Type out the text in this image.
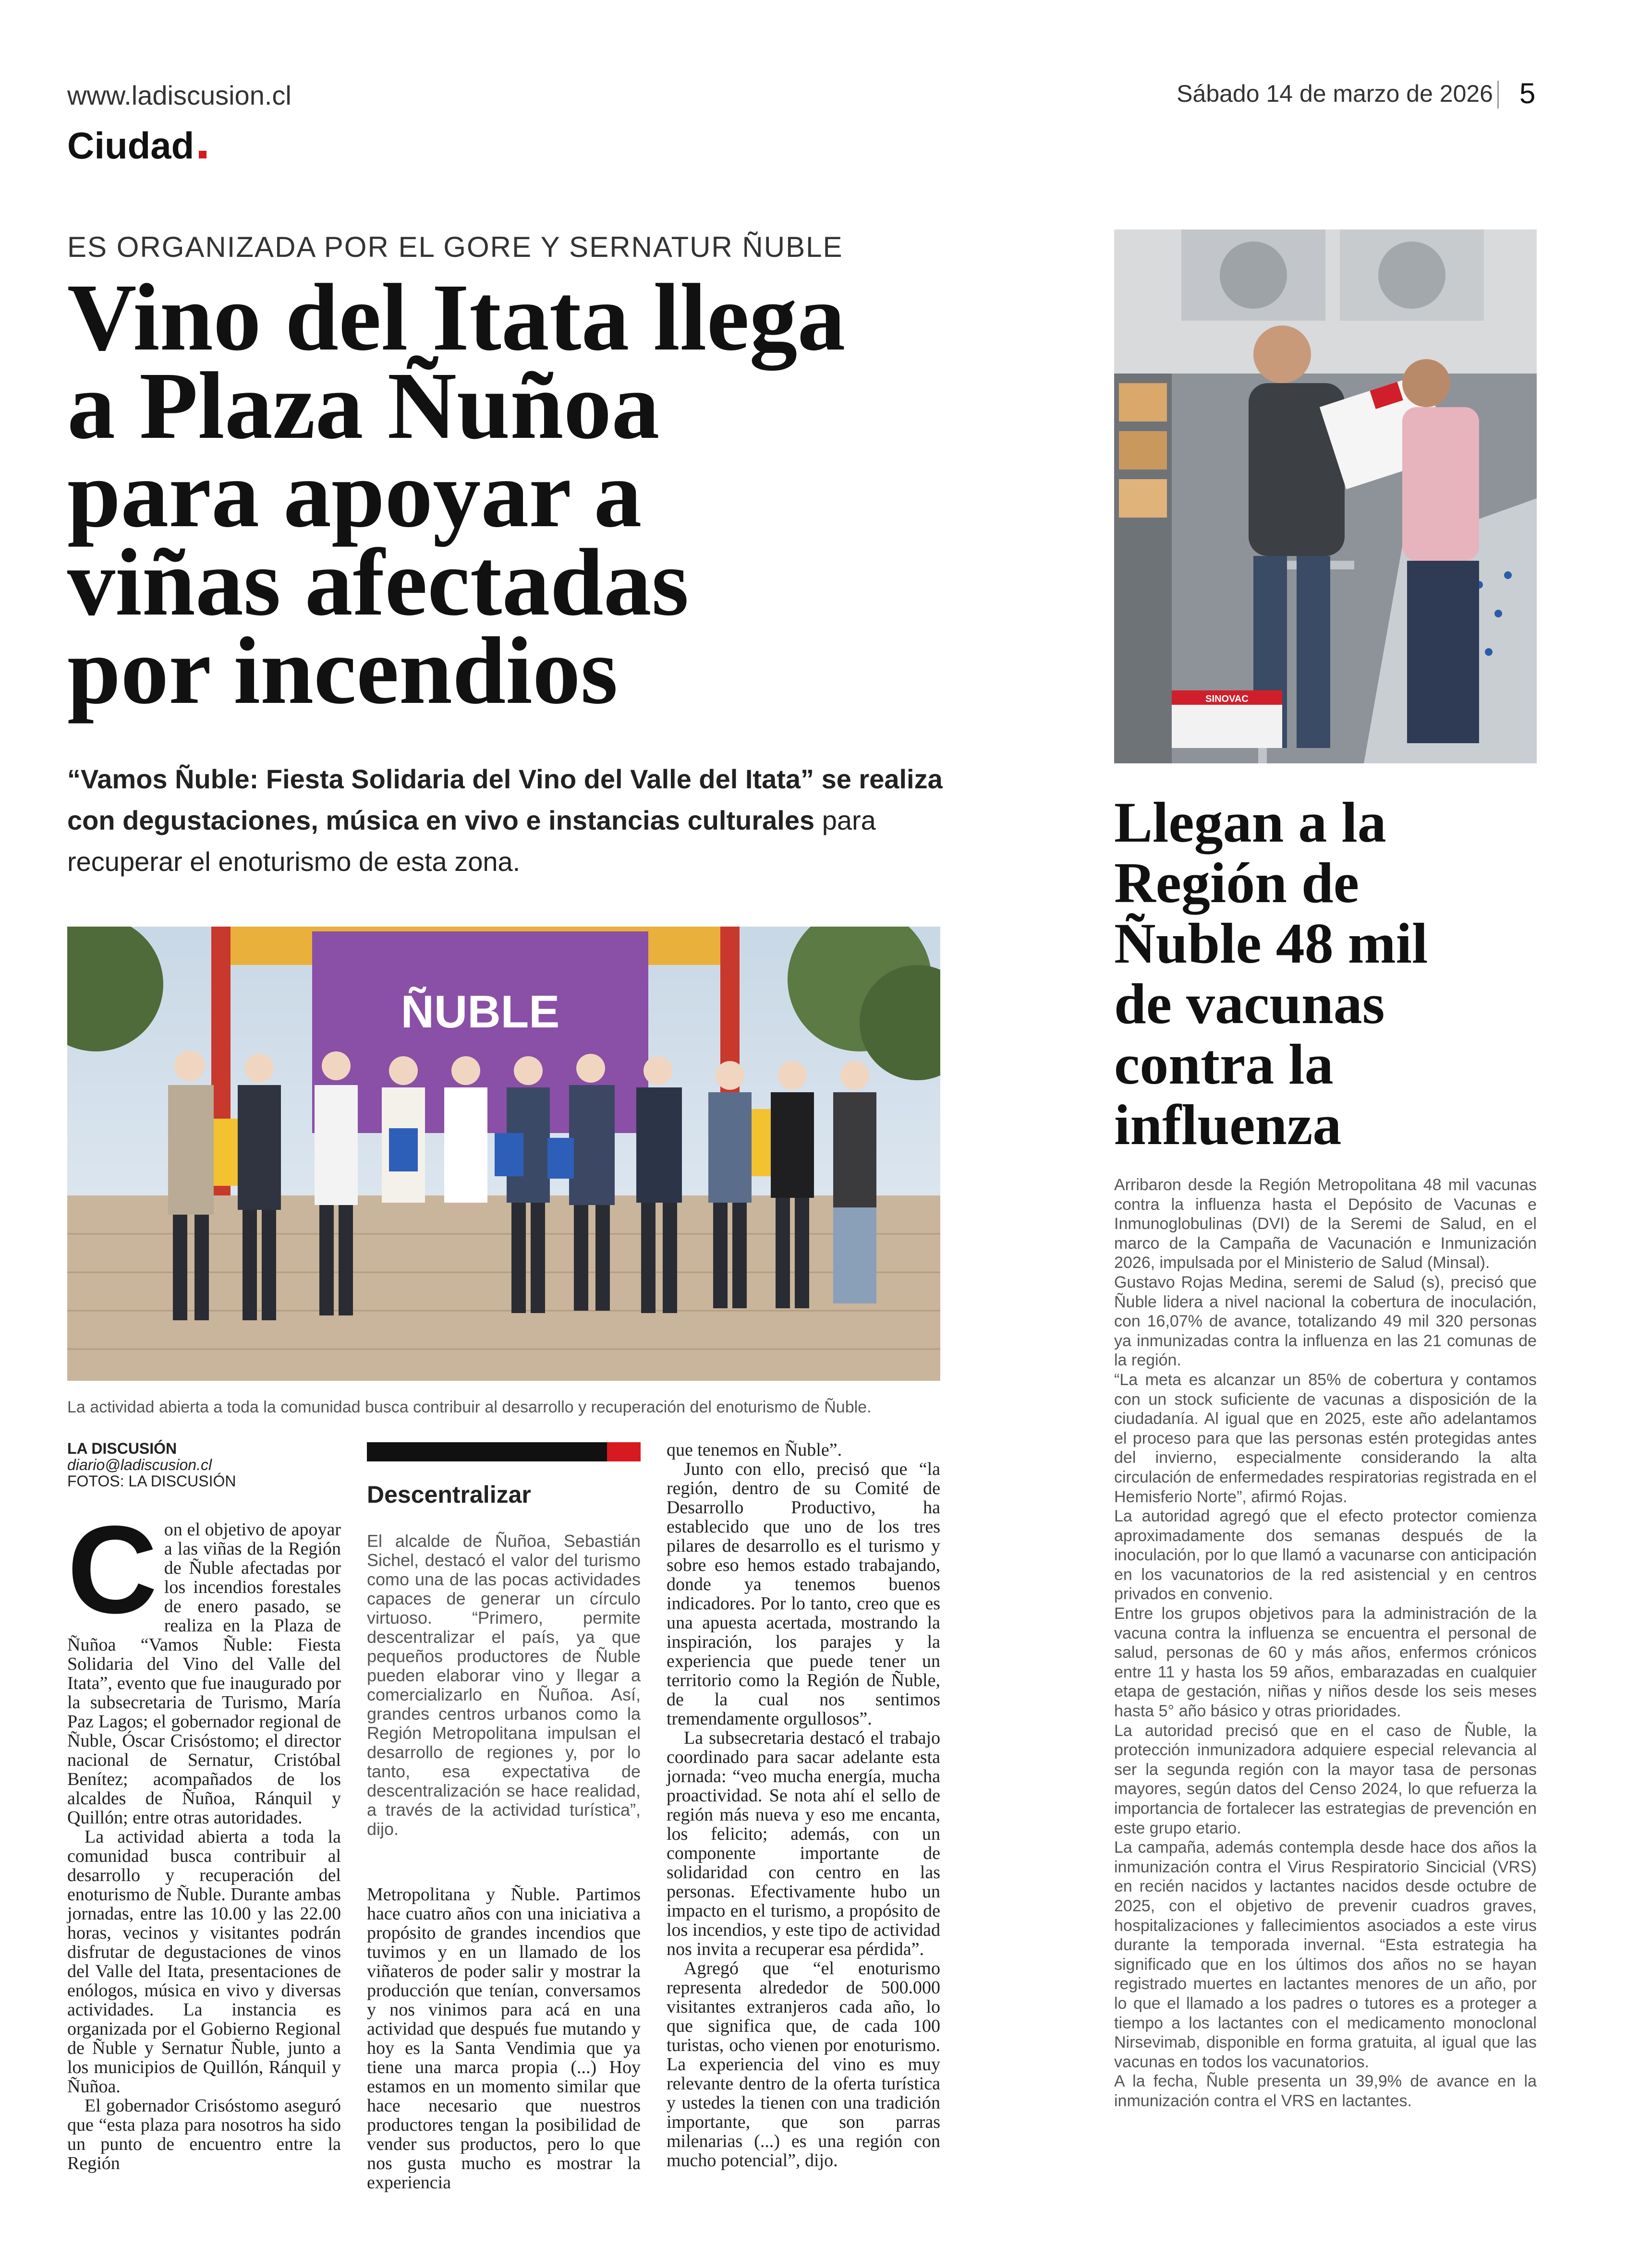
www.ladiscusion.cl
Ciudad
Sábado 14 de marzo de 2026 5
ES ORGANIZADA POR EL GORE Y SERNATUR ÑUBLE
Vino del Itata llega
a Plaza Ñuñoa
para apoyar a
viñas afectadas
por incendios
“Vamos Ñuble: Fiesta Solidaria del Vino del Valle del Itata” se realiza con degustaciones, música en vivo e instancias culturales para recuperar el enoturismo de esta zona.
ÑUBLE
La actividad abierta a toda la comunidad busca contribuir al desarrollo y recuperación del enoturismo de Ñuble.
LA DISCUSIÓN
diario@ladiscusion.cl
FOTOS: LA DISCUSIÓN

Con el objetivo de apoyar a las viñas de la Región de Ñuble afectadas por los incendios forestales de enero pasado, se realiza en la Plaza de Ñuñoa “Vamos Ñuble: Fiesta Solidaria del Vino del Valle del Itata”, evento que fue inaugurado por la subsecretaria de Turismo, María Paz Lagos; el gobernador regional de Ñuble, Óscar Crisóstomo; el director nacional de Sernatur, Cristóbal Benítez; acompañados de los alcaldes de Ñuñoa, Ránquil y Quillón; entre otras autoridades.

La actividad abierta a toda la comunidad busca contribuir al desarrollo y recuperación del enoturismo de Ñuble. Durante ambas jornadas, entre las 10.00 y las 22.00 horas, vecinos y visitantes podrán disfrutar de degustaciones de vinos del Valle del Itata, presentaciones de enólogos, música en vivo y diversas actividades. La instancia es organizada por el Gobierno Regional de Ñuble y Sernatur Ñuble, junto a los municipios de Quillón, Ránquil y Ñuñoa.

El gobernador Crisóstomo aseguró que “esta plaza para nosotros ha sido un punto de encuentro entre la Región

Descentralizar

El alcalde de Ñuñoa, Sebastián Sichel, destacó el valor del turismo como una de las pocas actividades capaces de generar un círculo virtuoso. “Primero, permite descentralizar el país, ya que pequeños productores de Ñuble pueden elaborar vino y llegar a comercializarlo en Ñuñoa. Así, grandes centros urbanos como la Región Metropolitana impulsan el desarrollo de regiones y, por lo tanto, esa expectativa de descentralización se hace realidad, a través de la actividad turística”, dijo.

Metropolitana y Ñuble. Partimos hace cuatro años con una iniciativa a propósito de grandes incendios que tuvimos y en un llamado de los viñateros de poder salir y mostrar la producción que tenían, conversamos y nos vinimos para acá en una actividad que después fue mutando y hoy es la Santa Vendimia que ya tiene una marca propia (...) Hoy estamos en un momento similar que hace necesario que nuestros productores tengan la posibilidad de vender sus productos, pero lo que nos gusta mucho es mostrar la experiencia

que tenemos en Ñuble”.

Junto con ello, precisó que “la región, dentro de su Comité de Desarrollo Productivo, ha establecido que uno de los tres pilares de desarrollo es el turismo y sobre eso hemos estado trabajando, donde ya tenemos buenos indicadores. Por lo tanto, creo que es una apuesta acertada, mostrando la inspiración, los parajes y la experiencia que puede tener un territorio como la Región de Ñuble, de la cual nos sentimos tremendamente orgullosos”.

La subsecretaria destacó el trabajo coordinado para sacar adelante esta jornada: “veo mucha energía, mucha proactividad. Se nota ahí el sello de región más nueva y eso me encanta, los felicito; además, con un componente importante de solidaridad con centro en las personas. Efectivamente hubo un impacto en el turismo, a propósito de los incendios, y este tipo de actividad nos invita a recuperar esa pérdida”.

Agregó que “el enoturismo representa alrededor de 500.000 visitantes extranjeros cada año, lo que significa que, de cada 100 turistas, ocho vienen por enoturismo. La experiencia del vino es muy relevante dentro de la oferta turística y ustedes la tienen con una tradición importante, que son parras milenarias (...) es una región con mucho potencial”, dijo.

SINOVAC
Llegan a la
Región de
Ñuble 48 mil
de vacunas
contra la
influenza

Arribaron desde la Región Metropolitana 48 mil vacunas contra la influenza hasta el Depósito de Vacunas e Inmunoglobulinas (DVI) de la Seremi de Salud, en el marco de la Campaña de Vacunación e Inmunización 2026, impulsada por el Ministerio de Salud (Minsal).

Gustavo Rojas Medina, seremi de Salud (s), precisó que Ñuble lidera a nivel nacional la cobertura de inoculación, con 16,07% de avance, totalizando 49 mil 320 personas ya inmunizadas contra la influenza en las 21 comunas de la región.

“La meta es alcanzar un 85% de cobertura y contamos con un stock suficiente de vacunas a disposición de la ciudadanía. Al igual que en 2025, este año adelantamos el proceso para que las personas estén protegidas antes del invierno, especialmente considerando la alta circulación de enfermedades respiratorias registrada en el Hemisferio Norte”, afirmó Rojas.

La autoridad agregó que el efecto protector comienza aproximadamente dos semanas después de la inoculación, por lo que llamó a vacunarse con anticipación en los vacunatorios de la red asistencial y en centros privados en convenio.

Entre los grupos objetivos para la administración de la vacuna contra la influenza se encuentra el personal de salud, personas de 60 y más años, enfermos crónicos entre 11 y hasta los 59 años, embarazadas en cualquier etapa de gestación, niñas y niños desde los seis meses hasta 5° año básico y otras prioridades.

La autoridad precisó que en el caso de Ñuble, la protección inmunizadora adquiere especial relevancia al ser la segunda región con la mayor tasa de personas mayores, según datos del Censo 2024, lo que refuerza la importancia de fortalecer las estrategias de prevención en este grupo etario.

La campaña, además contempla desde hace dos años la inmunización contra el Virus Respiratorio Sincicial (VRS) en recién nacidos y lactantes nacidos desde octubre de 2025, con el objetivo de prevenir cuadros graves, hospitalizaciones y fallecimientos asociados a este virus durante la temporada invernal. “Esta estrategia ha significado que en los últimos dos años no se hayan registrado muertes en lactantes menores de un año, por lo que el llamado a los padres o tutores es a proteger a tiempo a los lactantes con el medicamento monoclonal Nirsevimab, disponible en forma gratuita, al igual que las vacunas en todos los vacunatorios.

A la fecha, Ñuble presenta un 39,9% de avance en la inmunización contra el VRS en lactantes.
